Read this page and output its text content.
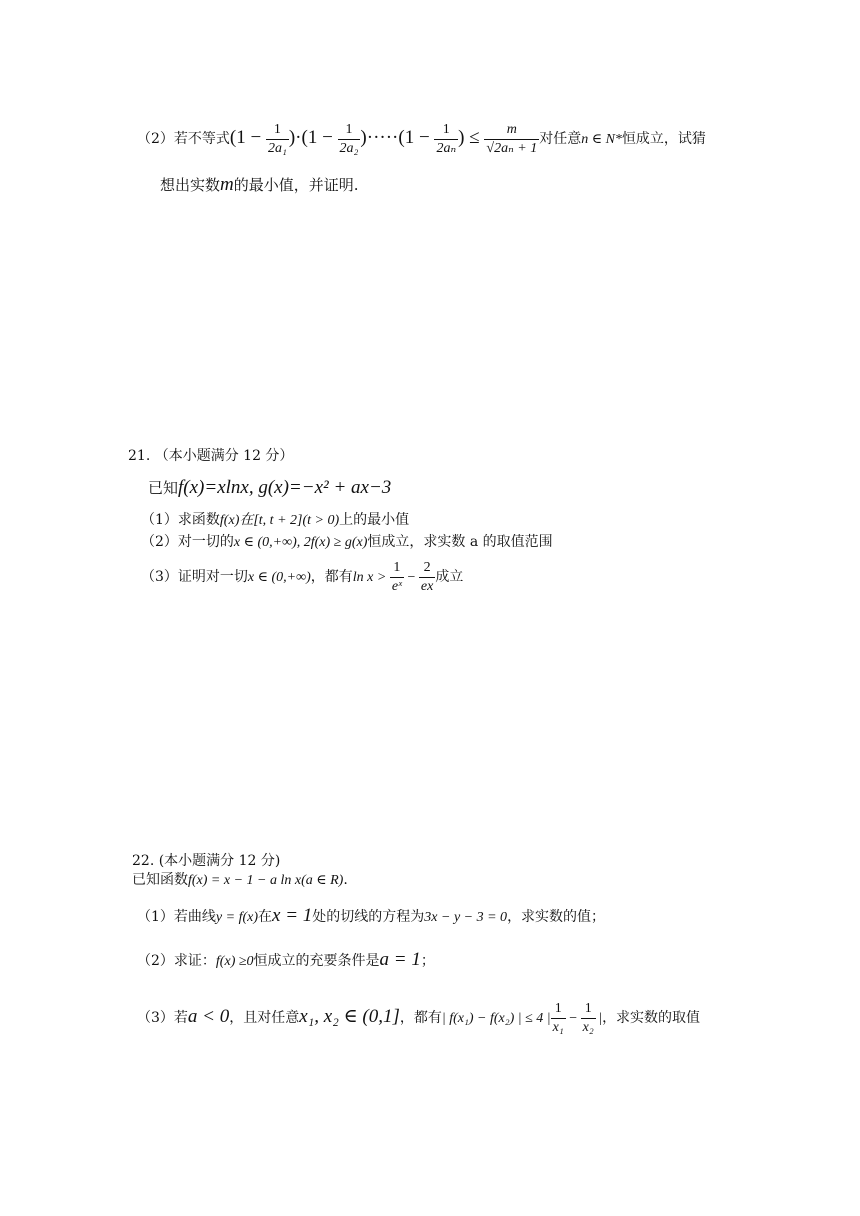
（2）若不等式$(1 - \frac{1}{\text{2a₁}} )\cdot(1 - \frac{1}{\text{2a₂}} )\cdot\cdot\cdot\cdot\cdot(1 - \frac{1}{\text{2aₙ}}$ ) ≤ $\frac{m}{\text{√2aₙ + 1}}$ 对任意n ∈ N*恒成立，试猜
想出实数m的最小值，并证明.
21. （本小题满分 12 分）
已知f(x)=xlnx, g(x)=−x² + ax−3
（1）求函数f(x)在[t, t + 2](t > 0)上的最小值
（2）对一切的x ∈ (0,+∞), 2f(x) ≥ g(x)恒成立，求实数 a 的取值范围
（3）证明对一切x ∈ (0,+∞)，都有$\ln x > \frac{1}{\text{eˣ}} - \frac{2}{ex}$ 成立
22. (本小题满分 12 分)
已知函数f(x) = x − 1 − a ln x(a ∈ R).
（1）若曲线y = f(x)在x = 1处的切线的方程为3x − y − 3 = 0，求实数的值；
（2）求证：f(x) ≥0恒成立的充要条件是a = 1；
（3）若a < 0，且对任意x₁, x₂ ∈ (0,1]，都有| f(x₁) − f(x₂) | ≤ 4 | $\frac{1}{\text{x₁}} - \frac{1}{\text{x₂}}$ |，求实数的取值
